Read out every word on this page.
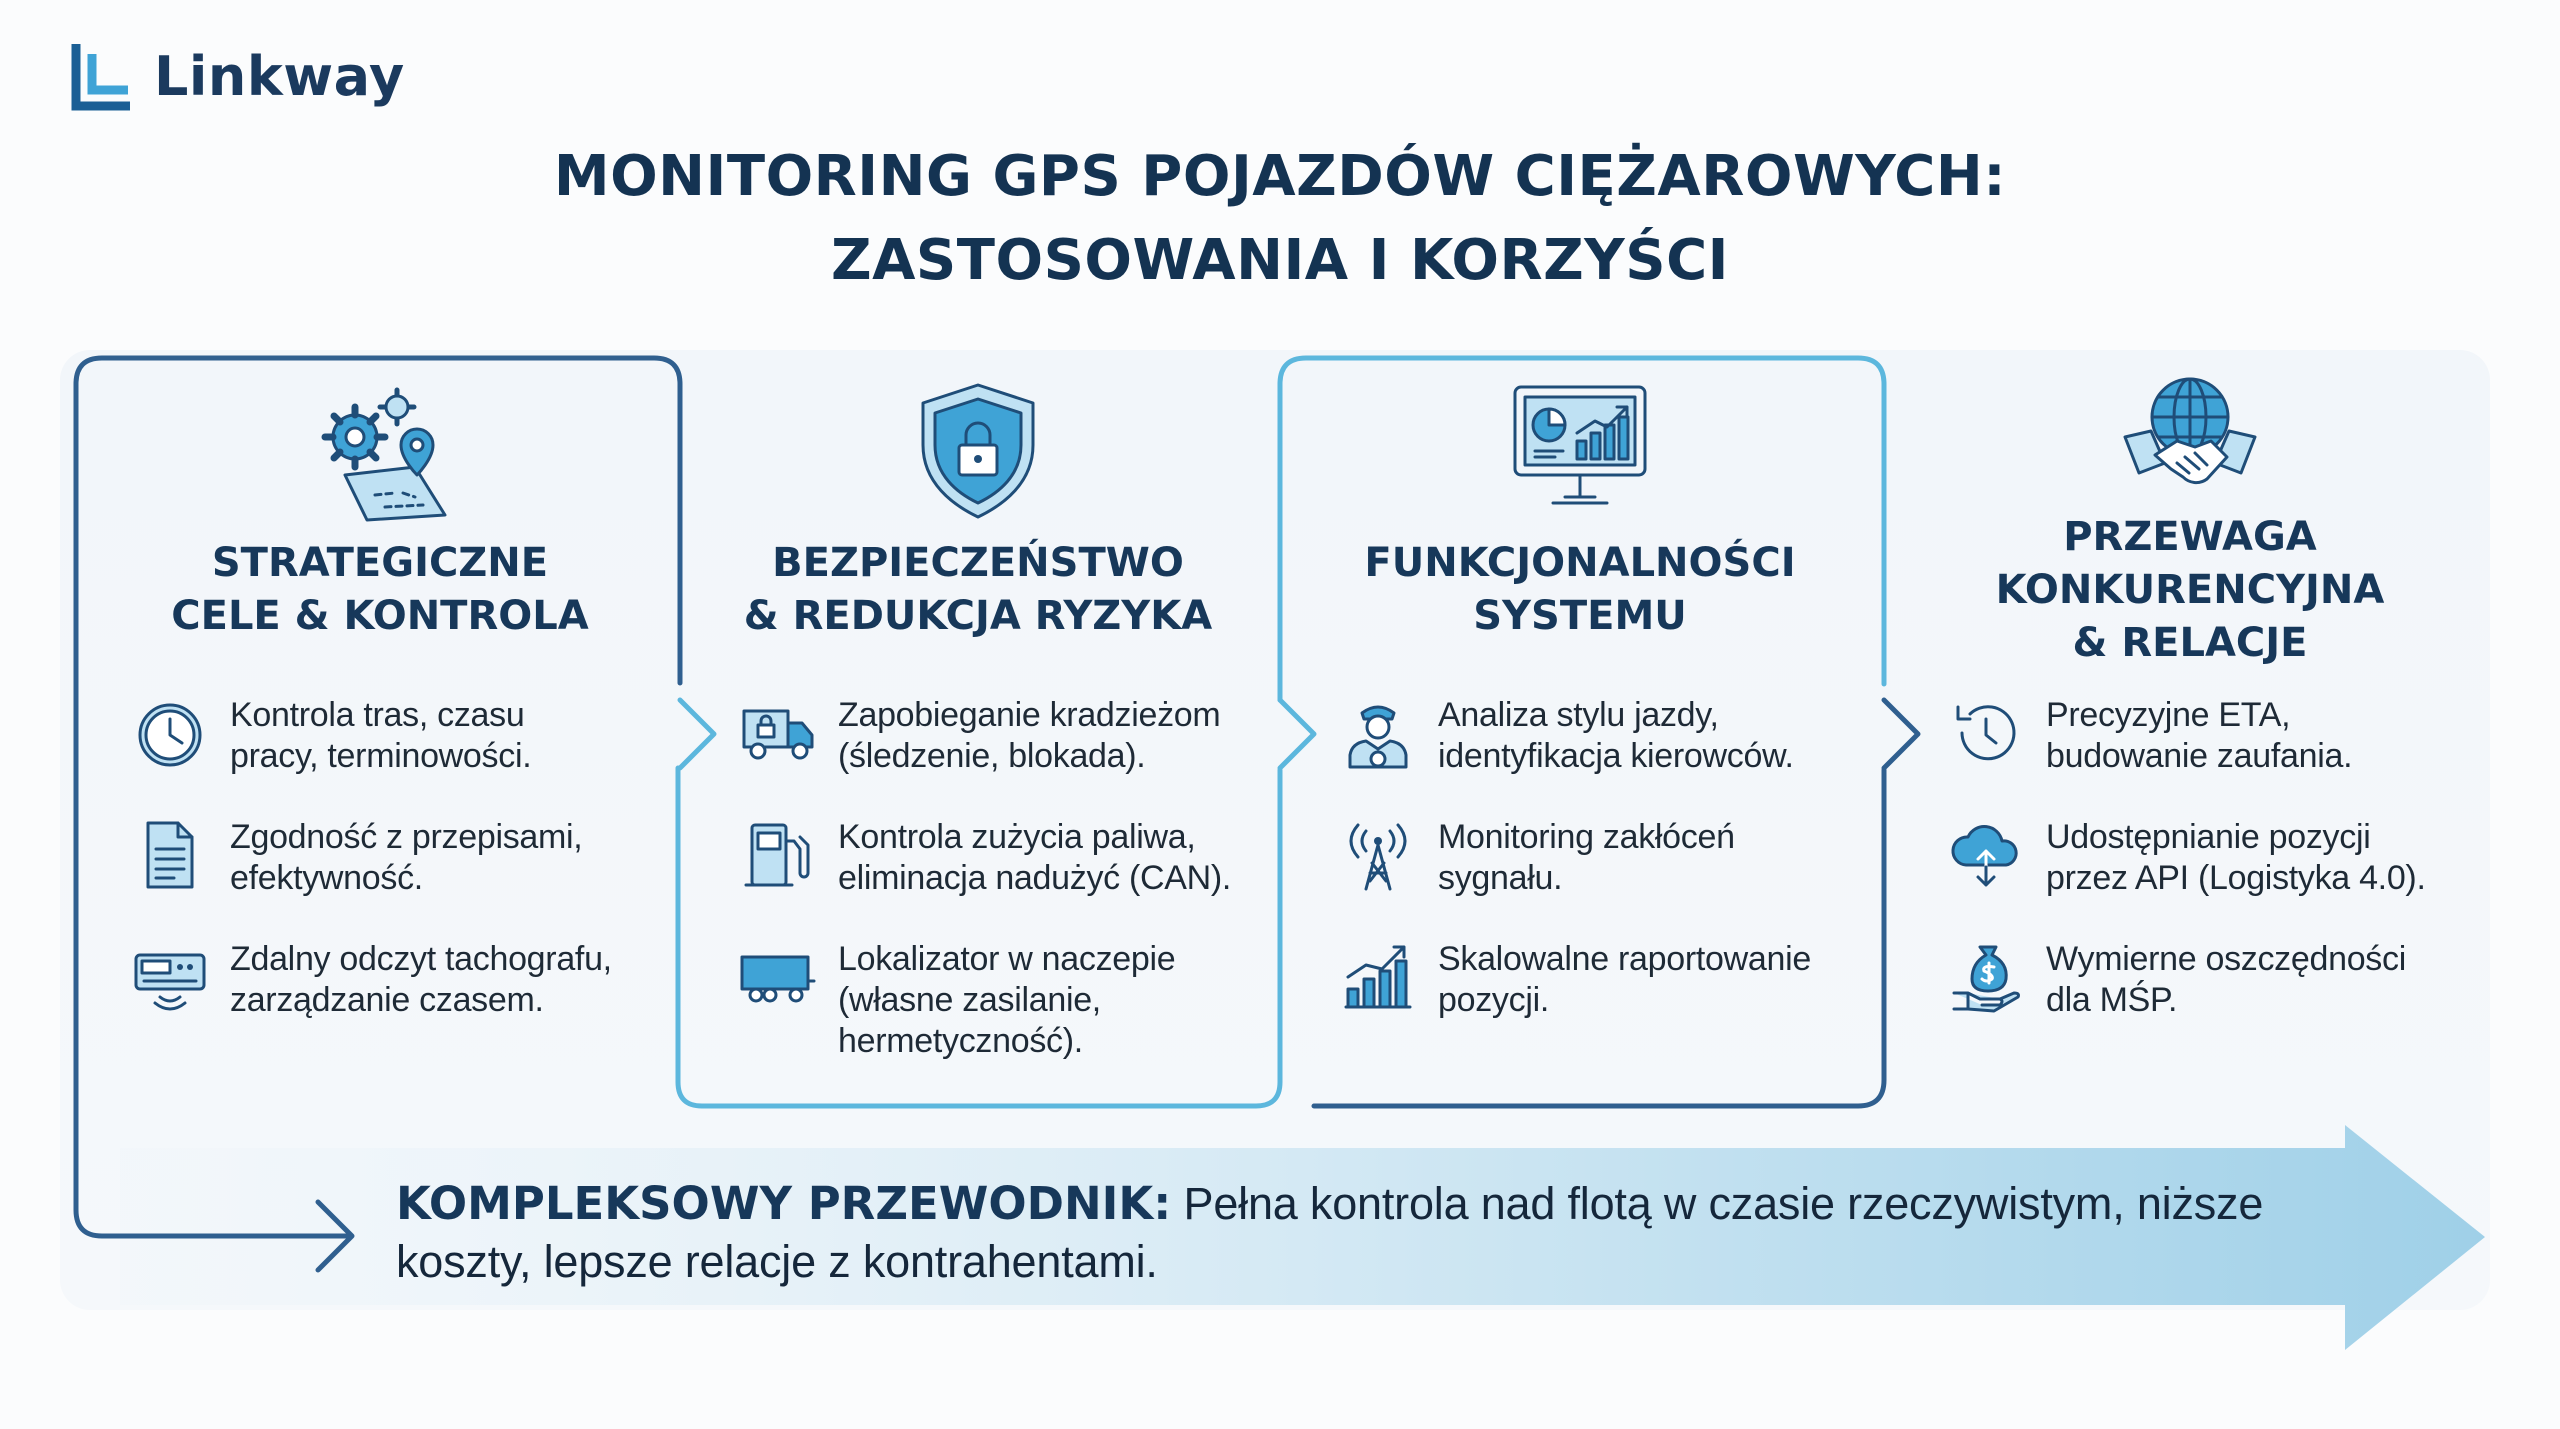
Linkway
MONITORING GPS POJAZDÓW CIĘŻAROWYCH:
ZASTOSOWANIA I KORZYŚCI
STRATEGICZNE
CELE & KONTROLA
Kontrola tras, czasu
pracy, terminowości.
Zgodność z przepisami,
efektywność.
Zdalny odczyt tachografu,
zarządzanie czasem.
BEZPIECZEŃSTWO
& REDUKCJA RYZYKA
Zapobieganie kradzieżom
(śledzenie, blokada).
Kontrola zużycia paliwa,
eliminacja nadużyć (CAN).
Lokalizator w naczepie
(własne zasilanie,
hermetyczność).
FUNKCJONALNOŚCI
SYSTEMU
Analiza stylu jazdy,
identyfikacja kierowców.
Monitoring zakłóceń
sygnału.
Skalowalne raportowanie
pozycji.
PRZEWAGA
KONKURENCYJNA
& RELACJE
Precyzyjne ETA,
budowanie zaufania.
Udostępnianie pozycji
przez API (Logistyka 4.0).
Wymierne oszczędności
dla MŚP.
KOMPLEKSOWY PRZEWODNIK: Pełna kontrola nad flotą w czasie rzeczywistym, niższe koszty, lepsze relacje z kontrahentami.
